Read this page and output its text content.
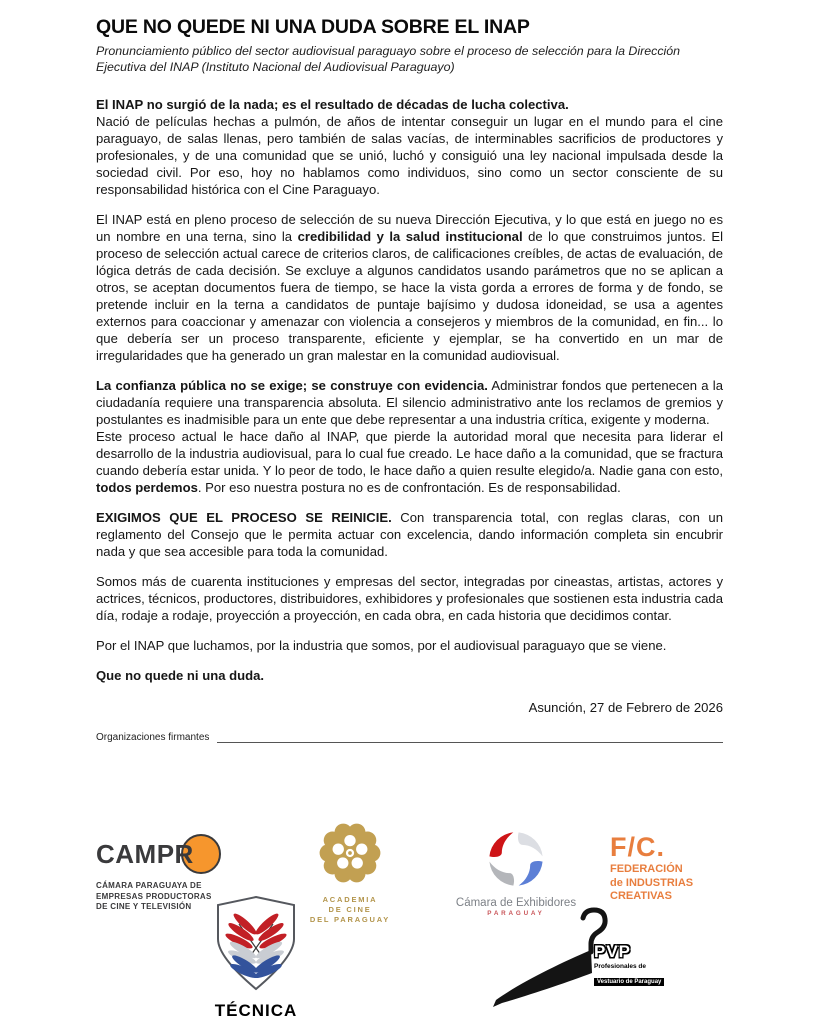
QUE NO QUEDE NI UNA DUDA SOBRE EL INAP

Pronunciamiento público del sector audiovisual paraguayo sobre el proceso de selección para la Dirección Ejecutiva del INAP (Instituto Nacional del Audiovisual Paraguayo)

El INAP no surgió de la nada; es el resultado de décadas de lucha colectiva.
Nació de películas hechas a pulmón, de años de intentar conseguir un lugar en el mundo para el cine paraguayo, de salas llenas, pero también de salas vacías, de interminables sacrificios de productores y profesionales, y de una comunidad que se unió, luchó y consiguió una ley nacional impulsada desde la sociedad civil. Por eso, hoy no hablamos como individuos, sino como un sector consciente de su responsabilidad histórica con el Cine Paraguayo.

El INAP está en pleno proceso de selección de su nueva Dirección Ejecutiva, y lo que está en juego no es un nombre en una terna, sino la credibilidad y la salud institucional de lo que construimos juntos. El proceso de selección actual carece de criterios claros, de calificaciones creíbles, de actas de evaluación, de lógica detrás de cada decisión. Se excluye a algunos candidatos usando parámetros que no se aplican a otros, se aceptan documentos fuera de tiempo, se hace la vista gorda a errores de forma y de fondo, se pretende incluir en la terna a candidatos de puntaje bajísimo y dudosa idoneidad, se usa a agentes externos para coaccionar y amenazar con violencia a consejeros y miembros de la comunidad, en fin... lo que debería ser un proceso transparente, eficiente y ejemplar, se ha convertido en un mar de irregularidades que ha generado un gran malestar en la comunidad audiovisual.

La confianza pública no se exige; se construye con evidencia. Administrar fondos que pertenecen a la ciudadanía requiere una transparencia absoluta. El silencio administrativo ante los reclamos de gremios y postulantes es inadmisible para un ente que debe representar a una industria crítica, exigente y moderna.
Este proceso actual le hace daño al INAP, que pierde la autoridad moral que necesita para liderar el desarrollo de la industria audiovisual, para lo cual fue creado. Le hace daño a la comunidad, que se fractura cuando debería estar unida. Y lo peor de todo, le hace daño a quien resulte elegido/a. Nadie gana con esto, todos perdemos. Por eso nuestra postura no es de confrontación. Es de responsabilidad.

EXIGIMOS QUE EL PROCESO SE REINICIE. Con transparencia total, con reglas claras, con un reglamento del Consejo que le permita actuar con excelencia, dando información completa sin encubrir nada y que sea accesible para toda la comunidad.

Somos más de cuarenta instituciones y empresas del sector, integradas por cineastas, artistas, actores y actrices, técnicos, productores, distribuidores, exhibidores y profesionales que sostienen esta industria cada día, rodaje a rodaje, proyección a proyección, en cada obra, en cada historia que decidimos contar.

Por el INAP que luchamos, por la industria que somos, por el audiovisual paraguayo que se viene.

Que no quede ni una duda.

Asunción, 27 de Febrero de 2026
Organizaciones firmantes
CAMPR
CÁMARA PARAGUAYA DE
EMPRESAS PRODUCTORAS
DE CINE Y TELEVISIÓN
ACADEMIA
DE CINE
DEL PARAGUAY
Cámara de Exhibidores
PARAGUAY
F/C.
FEDERACIÓN
de INDUSTRIAS
CREATIVAS
TÉCNICA
PVP
Profesionales de
Vestuario de Paraguay
